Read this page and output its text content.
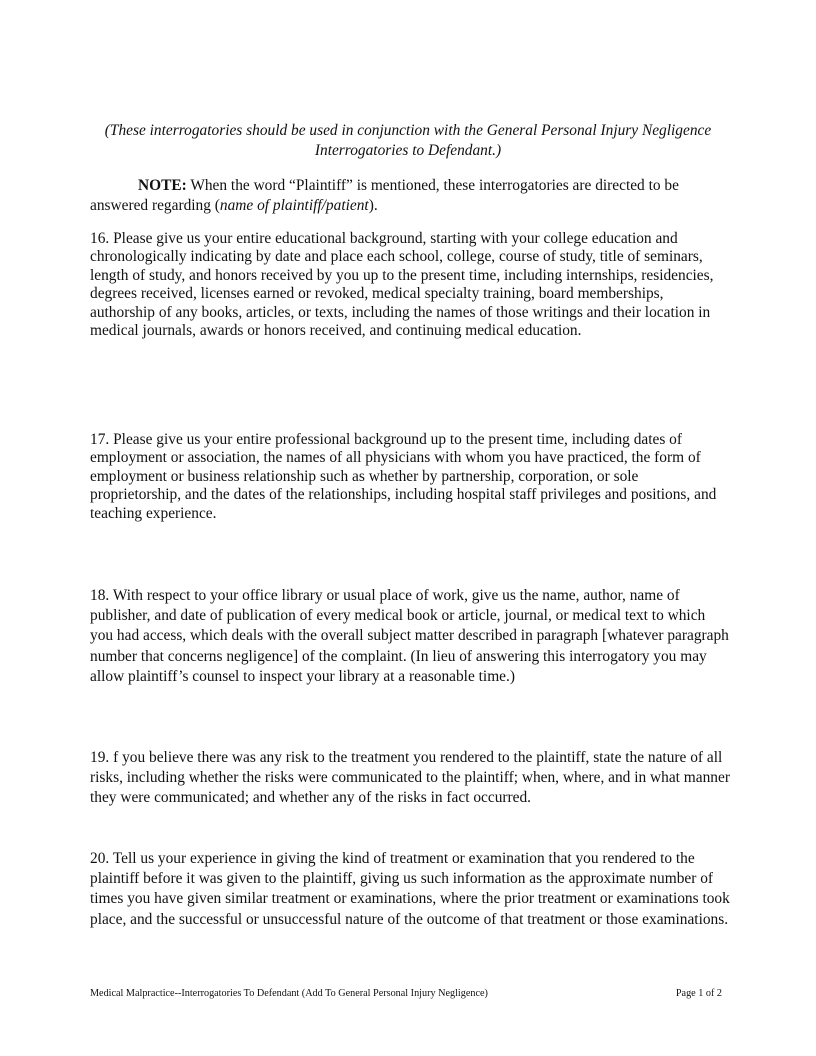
(These interrogatories should be used in conjunction with the General Personal Injury Negligence Interrogatories to Defendant.)
NOTE: When the word “Plaintiff” is mentioned, these interrogatories are directed to be answered regarding (name of plaintiff/patient).

16. Please give us your entire educational background, starting with your college education and chronologically indicating by date and place each school, college, course of study, title of seminars, length of study, and honors received by you up to the present time, including internships, residencies, degrees received, licenses earned or revoked, medical specialty training, board memberships, authorship of any books, articles, or texts, including the names of those writings and their location in medical journals, awards or honors received, and continuing medical education.

17. Please give us your entire professional background up to the present time, including dates of employment or association, the names of all physicians with whom you have practiced, the form of employment or business relationship such as whether by partnership, corporation, or sole proprietorship, and the dates of the relationships, including hospital staff privileges and positions, and teaching experience.

18. With respect to your office library or usual place of work, give us the name, author, name of publisher, and date of publication of every medical book or article, journal, or medical text to which you had access, which deals with the overall subject matter described in paragraph [whatever paragraph number that concerns negligence] of the complaint. (In lieu of answering this interrogatory you may allow plaintiff’s counsel to inspect your library at a reasonable time.)

19. f you believe there was any risk to the treatment you rendered to the plaintiff, state the nature of all risks, including whether the risks were communicated to the plaintiff; when, where, and in what manner they were communicated; and whether any of the risks in fact occurred.

20. Tell us your experience in giving the kind of treatment or examination that you rendered to the plaintiff before it was given to the plaintiff, giving us such information as the approximate number of times you have given similar treatment or examinations, where the prior treatment or examinations took place, and the successful or unsuccessful nature of the outcome of that treatment or those examinations.

Medical Malpractice--Interrogatories To Defendant (Add To General Personal Injury Negligence)	Page 1 of 2
